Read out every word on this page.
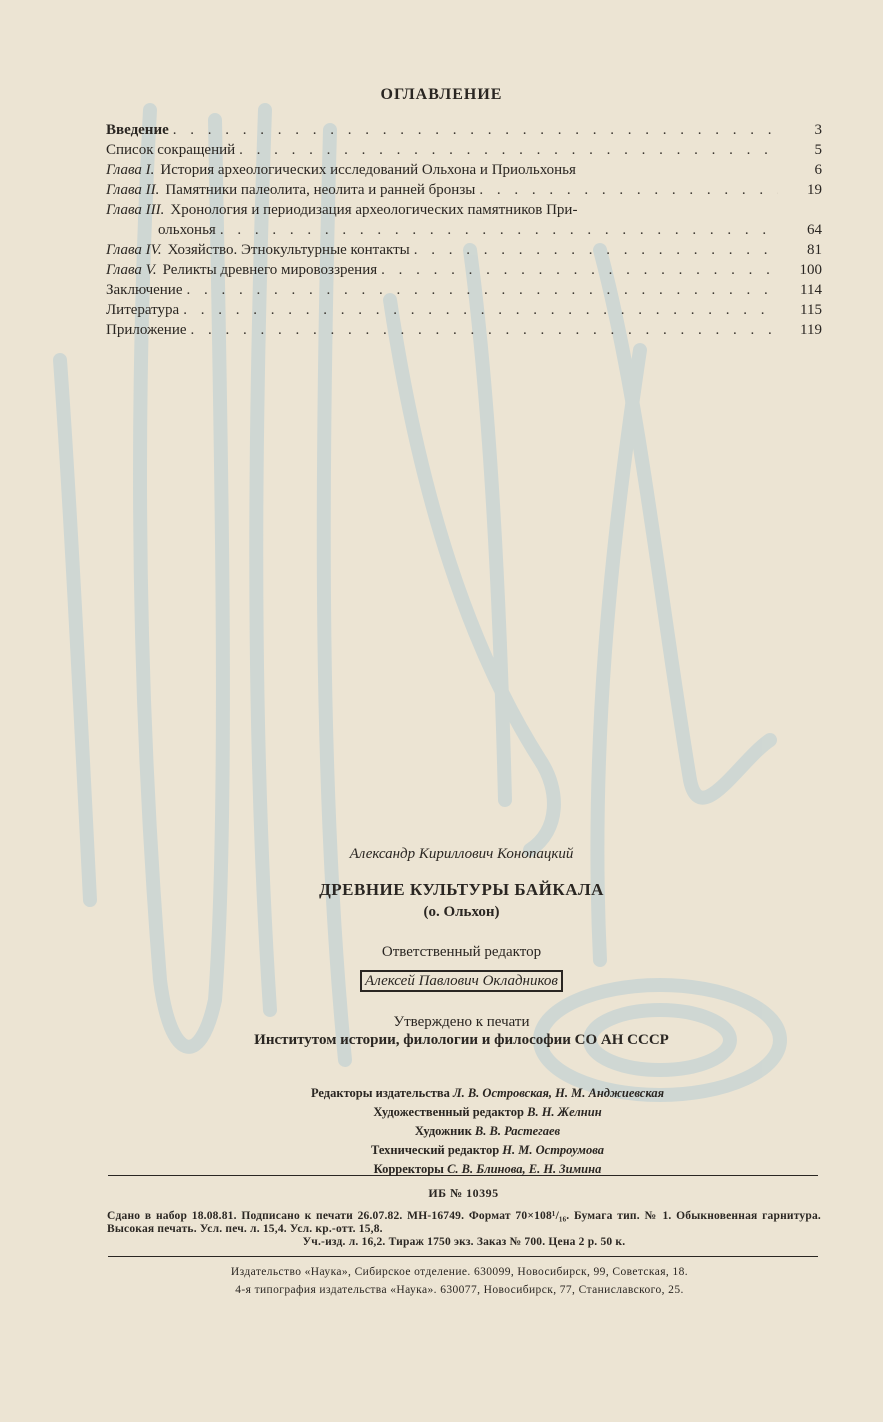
ОГЛАВЛЕНИЕ
Введение . . .	3
Список сокращений . . .	5
Глава I. История археологических исследований Ольхона и Приольхонья	6
Глава II. Памятники палеолита, неолита и ранней бронзы . . .	19
Глава III. Хронология и периодизация археологических памятников При-
ольхонья . . .	64
Глава IV. Хозяйство. Этнокультурные контакты . . .	81
Глава V. Реликты древнего мировоззрения . . .	100
Заключение . . .	114
Литература . . .	115
Приложение . . .	119
Александр Кириллович Конопацкий
ДРЕВНИЕ КУЛЬТУРЫ БАЙКАЛА
(о. Ольхон)
Ответственный редактор
Алексей Павлович Окладников
Утверждено к печати
Институтом истории, филологии и философии СО АН СССР
Редакторы издательства Л. В. Островская, Н. М. Анджиевская
Художественный редактор В. Н. Желнин
Художник В. В. Растегаев
Технический редактор Н. М. Остроумова
Корректоры С. В. Блинова, Е. Н. Зимина
ИБ № 10395
Сдано в набор 18.08.81. Подписано к печати 26.07.82. МН-16749. Формат 70×108¹/₁₆. Бумага тип. № 1. Обыкновенная гарнитура. Высокая печать. Усл. печ. л. 15,4. Усл. кр.-отт. 15,8.
Уч.-изд. л. 16,2. Тираж 1750 экз. Заказ № 700. Цена 2 р. 50 к.
Издательство «Наука», Сибирское отделение. 630099, Новосибирск, 99, Советская, 18.
4-я типография издательства «Наука». 630077, Новосибирск, 77, Станиславского, 25.
